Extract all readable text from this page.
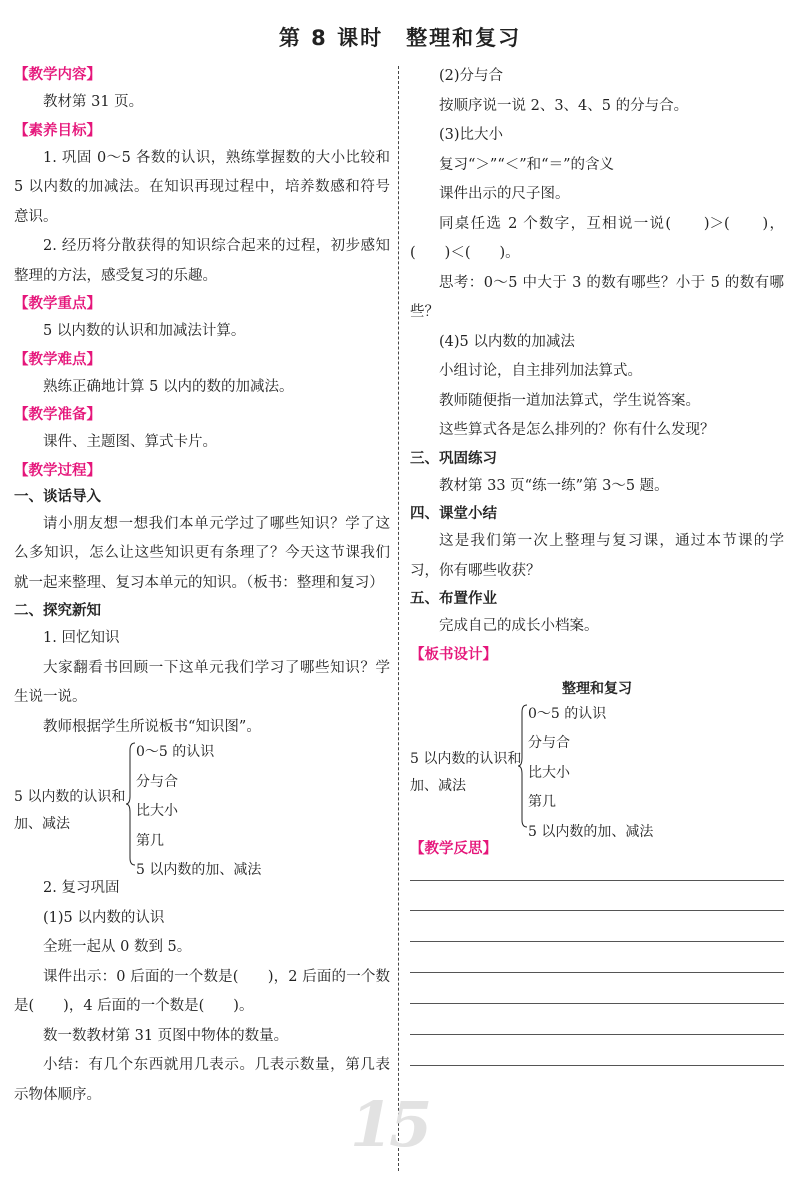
第 8 课时　整理和复习
【教学内容】

教材第 31 页。

【素养目标】

1. 巩固 0～5 各数的认识，熟练掌握数的大小比较和 5 以内数的加减法。在知识再现过程中，培养数感和符号意识。

2. 经历将分散获得的知识综合起来的过程，初步感知整理的方法，感受复习的乐趣。

【教学重点】

5 以内数的认识和加减法计算。

【教学难点】

熟练正确地计算 5 以内的数的加减法。

【教学准备】

课件、主题图、算式卡片。

【教学过程】
一、谈话导入

请小朋友想一想我们本单元学过了哪些知识？学了这么多知识，怎么让这些知识更有条理了？今天这节课我们就一起来整理、复习本单元的知识。（板书：整理和复习）

二、探究新知

1. 回忆知识

大家翻看书回顾一下这单元我们学习了哪些知识？学生说一说。

教师根据学生所说板书“知识图”。

5 以内数的认识和加、减法
0～5 的认识
分与合
比大小
第几
5 以内数的加、减法

2. 复习巩固

(1)5 以内数的认识

全班一起从 0 数到 5。

课件出示：0 后面的一个数是(　　)，2 后面的一个数是(　　)，4 后面的一个数是(　　)。

数一数教材第 31 页图中物体的数量。

小结：有几个东西就用几表示。几表示数量，第几表示物体顺序。

(2)分与合

按顺序说一说 2、3、4、5 的分与合。

(3)比大小

复习“＞”“＜”和“＝”的含义

课件出示的尺子图。

同桌任选 2 个数字，互相说一说(　　)＞(　　)，(　　)＜(　　)。

思考：0～5 中大于 3 的数有哪些？小于 5 的数有哪些？

(4)5 以内数的加减法

小组讨论，自主排列加法算式。

教师随便指一道加法算式，学生说答案。

这些算式各是怎么排列的？你有什么发现？

三、巩固练习

教材第 33 页“练一练”第 3～5 题。

四、课堂小结

这是我们第一次上整理与复习课，通过本节课的学习，你有哪些收获？

五、布置作业

完成自己的成长小档案。

【板书设计】
整理和复习
5 以内数的认识和加、减法
0～5 的认识
分与合
比大小
第几
5 以内数的加、减法
【教学反思】
15
